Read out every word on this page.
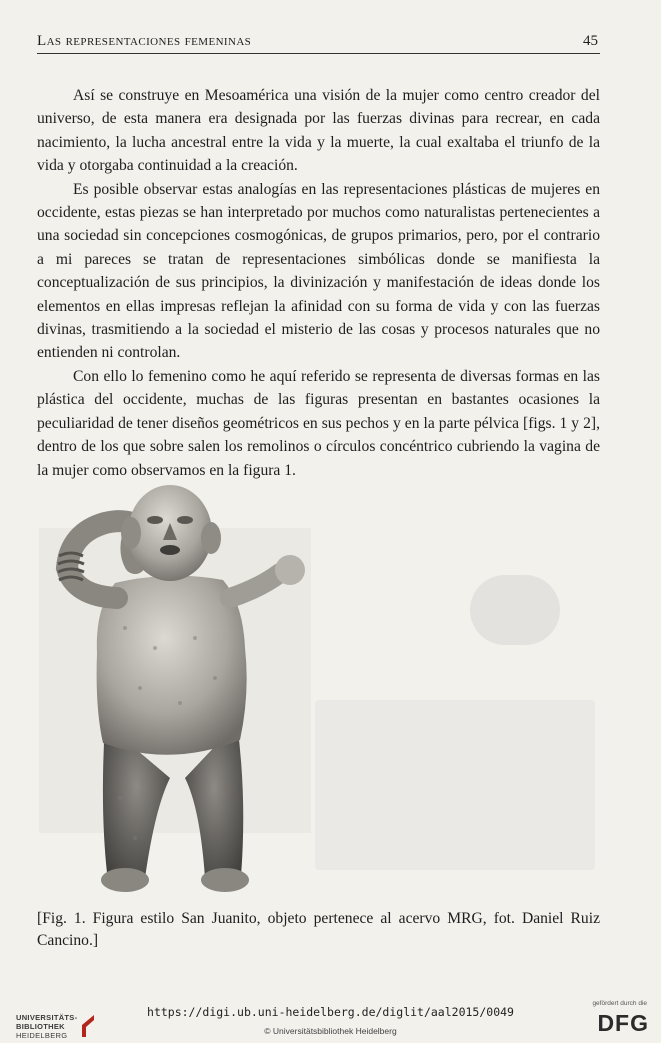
Las representaciones femeninas	45

Así se construye en Mesoamérica una visión de la mujer como centro creador del universo, de esta manera era designada por las fuerzas divinas para recrear, en cada nacimiento, la lucha ancestral entre la vida y la muerte, la cual exaltaba el triunfo de la vida y otorgaba continuidad a la creación.

Es posible observar estas analogías en las representaciones plásticas de mujeres en occidente, estas piezas se han interpretado por muchos como naturalistas pertenecientes a una sociedad sin concepciones cosmogónicas, de grupos primarios, pero, por el contrario a mi pareces se tratan de representaciones simbólicas donde se manifiesta la conceptualización de sus principios, la divinización y manifestación de ideas donde los elementos en ellas impresas reflejan la afinidad con su forma de vida y con las fuerzas divinas, trasmitiendo a la sociedad el misterio de las cosas y procesos naturales que no entienden ni controlan.

Con ello lo femenino como he aquí referido se representa de diversas formas en las plástica del occidente, muchas de las figuras presentan en bastantes ocasiones la peculiaridad de tener diseños geométricos en sus pechos y en la parte pélvica [figs. 1 y 2], dentro de los que sobre salen los remolinos o círculos concéntrico cubriendo la vagina de la mujer como observamos en la figura 1.

[Fig. 1. Figura estilo San Juanito, objeto pertenece al acervo MRG, fot. Daniel Ruiz Cancino.]
UNIVERSITÄTS-
BIBLIOTHEK
HEIDELBERG
https://digi.ub.uni-heidelberg.de/diglit/aal2015/0049
© Universitätsbibliothek Heidelberg
gefördert durch die
DFG
